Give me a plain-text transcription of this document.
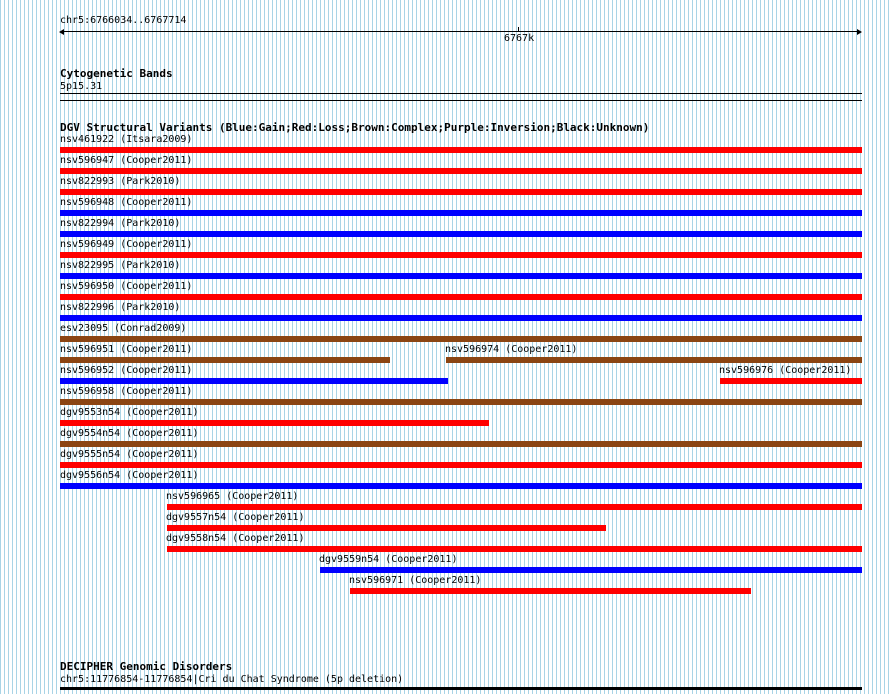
chr5:6766034..6767714
6767k
Cytogenetic Bands
5p15.31
DGV Structural Variants (Blue:Gain;Red:Loss;Brown:Complex;Purple:Inversion;Black:Unknown)
nsv461922 (Itsara2009)
nsv596947 (Cooper2011)
nsv822993 (Park2010)
nsv596948 (Cooper2011)
nsv822994 (Park2010)
nsv596949 (Cooper2011)
nsv822995 (Park2010)
nsv596950 (Cooper2011)
nsv822996 (Park2010)
esv23095 (Conrad2009)
nsv596951 (Cooper2011)	nsv596974 (Cooper2011)
nsv596952 (Cooper2011)	nsv596976 (Cooper2011)
nsv596958 (Cooper2011)
dgv9553n54 (Cooper2011)
dgv9554n54 (Cooper2011)
dgv9555n54 (Cooper2011)
dgv9556n54 (Cooper2011)
nsv596965 (Cooper2011)
dgv9557n54 (Cooper2011)
dgv9558n54 (Cooper2011)
dgv9559n54 (Cooper2011)
nsv596971 (Cooper2011)
DECIPHER Genomic Disorders
chr5:11776854-11776854|Cri du Chat Syndrome (5p deletion)
